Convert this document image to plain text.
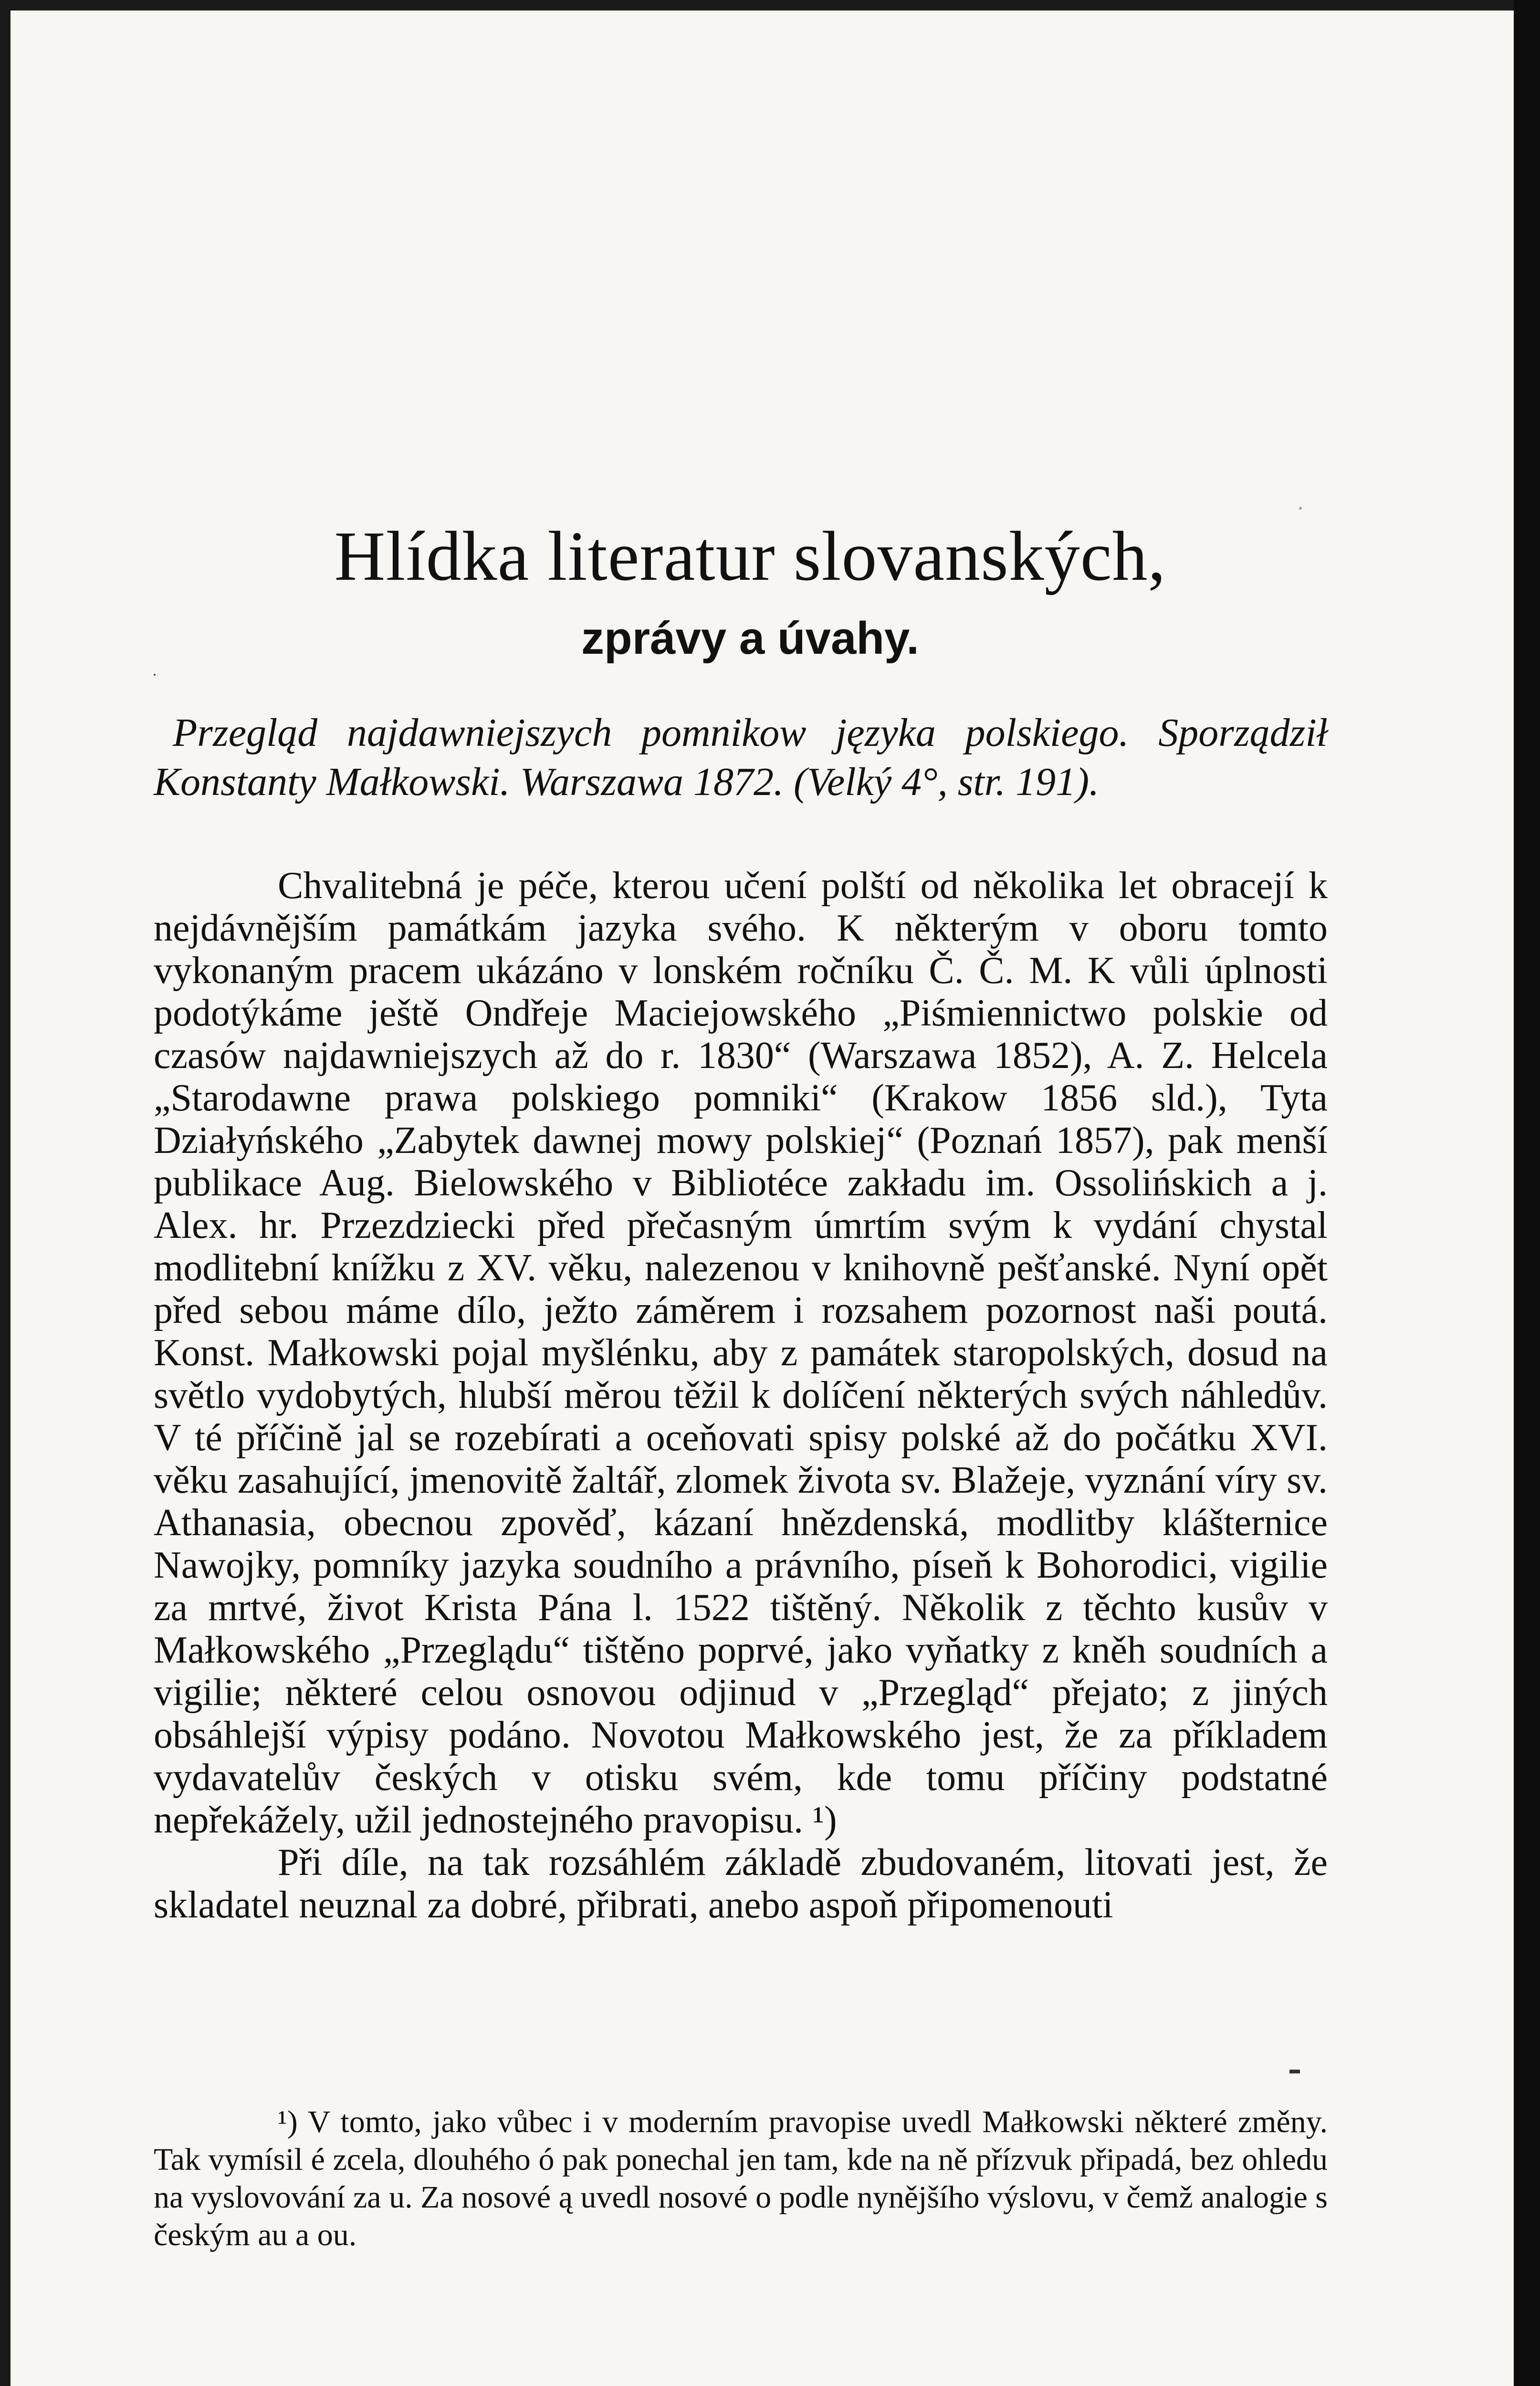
Hlídka literatur slovanských,
zprávy a úvahy.

Przegląd najdawniejszych pomnikow języka polskiego. Sporządził Konstanty Małkowski. Warszawa 1872. (Velký 4°, str. 191).

Chvalitebná je péče, kterou učení polští od několika let obracejí k nejdávnějším památkám jazyka svého. K některým v oboru tomto vykonaným pracem ukázáno v lonském ročníku Č. Č. M. K vůli úplnosti podotýkáme ještě Ondřeje Maciejowského „Piśmiennictwo polskie od czasów najdawniejszych až do r. 1830“ (Warszawa 1852), A. Z. Helcela „Starodawne prawa polskiego pomniki“ (Krakow 1856 sld.), Tyta Działyńského „Zabytek dawnej mowy polskiej“ (Poznań 1857), pak menší publikace Aug. Bielowského v Bibliotéce zakładu im. Ossolińskich a j. Alex. hr. Przezdziecki před přečasným úmrtím svým k vydání chystal modlitební knížku z XV. věku, nalezenou v knihovně pešťanské. Nyní opět před sebou máme dílo, ježto záměrem i rozsahem pozornost naši poutá. Konst. Małkowski pojal myšlénku, aby z památek staropolských, dosud na světlo vydobytých, hlubší měrou těžil k dolíčení některých svých náhledův. V té příčině jal se rozebírati a oceňovati spisy polské až do počátku XVI. věku zasahující, jmenovitě žaltář, zlomek života sv. Blažeje, vyznání víry sv. Athanasia, obecnou zpověď, kázaní hnězdenská, modlitby klášternice Nawojky, pomníky jazyka soudního a právního, píseň k Bohorodici, vigilie za mrtvé, život Krista Pána l. 1522 tištěný. Několik z těchto kusův v Małkowského „Przeglądu“ tištěno poprvé, jako vyňatky z kněh soudních a vigilie; některé celou osnovou odjinud v „Przegląd“ přejato; z jiných obsáhlejší výpisy podáno. Novotou Małkowského jest, že za příkladem vydavatelův českých v otisku svém, kde tomu příčiny podstatné nepřekážely, užil jednostejného pravopisu. ¹)

Při díle, na tak rozsáhlém základě zbudovaném, litovati jest, že skladatel neuznal za dobré, přibrati, anebo aspoň připomenouti

¹) V tomto, jako vůbec i v moderním pravopise uvedl Małkowski některé změny. Tak vymísil é zcela, dlouhého ó pak ponechal jen tam, kde na ně přízvuk připadá, bez ohledu na vyslovování za u. Za nosové ą uvedl nosové o podle nynějšího výslovu, v čemž analogie s českým au a ou.
